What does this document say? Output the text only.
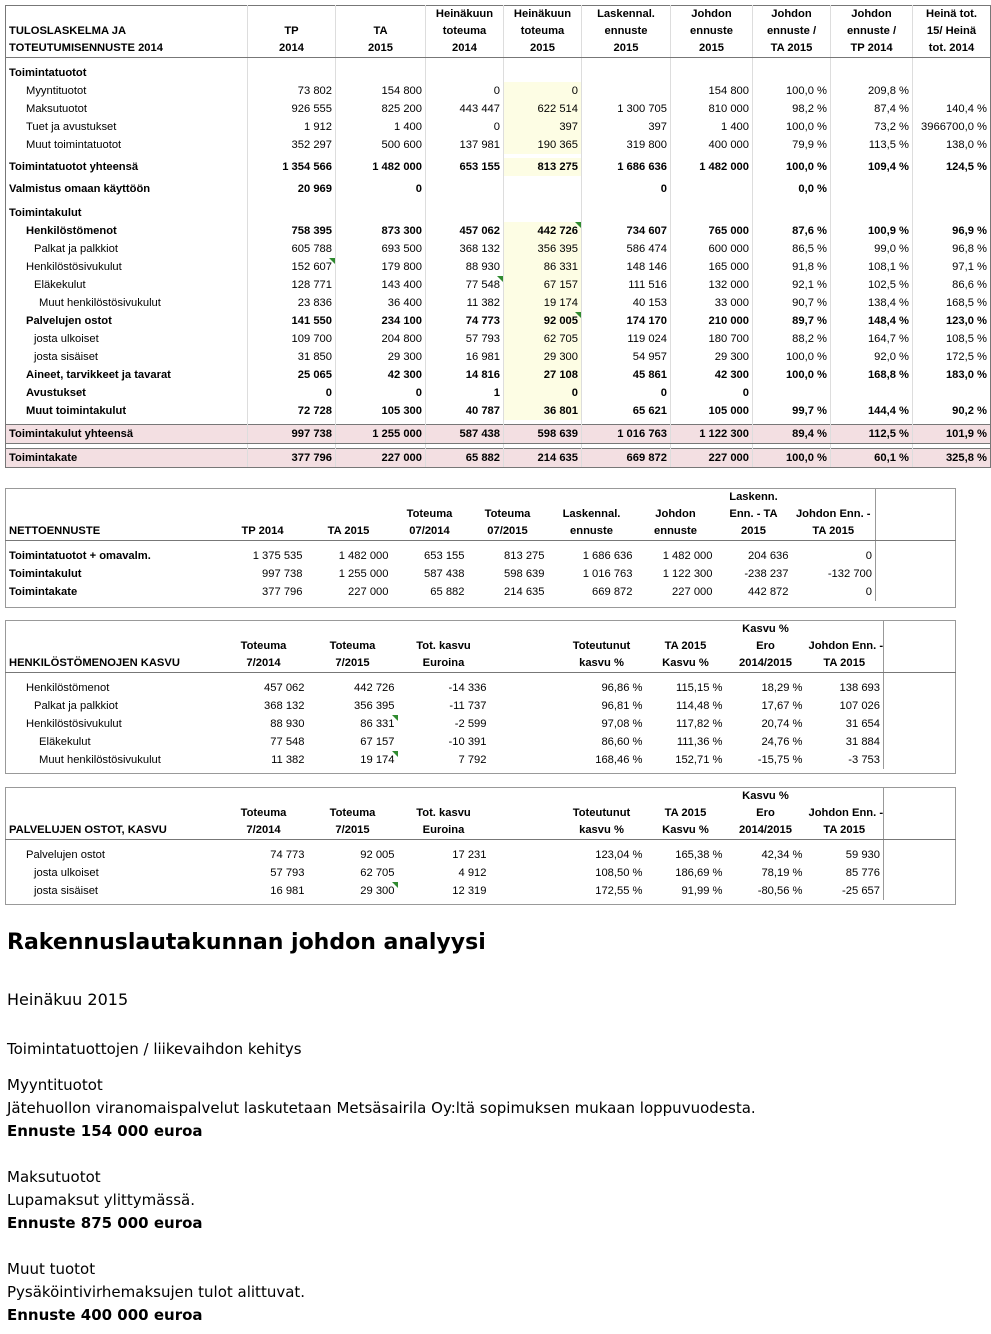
			Heinäkuun	Heinäkuun	Laskennal.	Johdon	Johdon	Johdon	Heinä tot.
TULOSLASKELMA JA	TP	TA	toteuma	toteuma	ennuste	ennuste	ennuste /	ennuste /	15/ Heinä
TOTEUTUMISENNUSTE 2014	2014	2015	2014	2015	2015	2015	TA 2015	TP 2014	tot. 2014

Toimintatuotot									
Myyntituotot	73 802	154 800	0	0		154 800	100,0 %	209,8 %	
Maksutuotot	926 555	825 200	443 447	622 514	1 300 705	810 000	98,2 %	87,4 %	140,4 %
Tuet ja avustukset	1 912	1 400	0	397	397	1 400	100,0 %	73,2 %	3966700,0 %
Muut toimintatuotot	352 297	500 600	137 981	190 365	319 800	400 000	79,9 %	113,5 %	138,0 %

Toimintatuotot yhteensä	1 354 566	1 482 000	653 155	813 275	1 686 636	1 482 000	100,0 %	109,4 %	124,5 %

Valmistus omaan käyttöön	20 969	0			0		0,0 %		

Toimintakulut									
Henkilöstömenot	758 395	873 300	457 062	442 726	734 607	765 000	87,6 %	100,9 %	96,9 %
Palkat ja palkkiot	605 788	693 500	368 132	356 395	586 474	600 000	86,5 %	99,0 %	96,8 %
Henkilöstösivukulut	152 607	179 800	88 930	86 331	148 146	165 000	91,8 %	108,1 %	97,1 %
Eläkekulut	128 771	143 400	77 548	67 157	111 516	132 000	92,1 %	102,5 %	86,6 %
Muut henkilöstösivukulut	23 836	36 400	11 382	19 174	40 153	33 000	90,7 %	138,4 %	168,5 %
Palvelujen ostot	141 550	234 100	74 773	92 005	174 170	210 000	89,7 %	148,4 %	123,0 %
josta ulkoiset	109 700	204 800	57 793	62 705	119 024	180 700	88,2 %	164,7 %	108,5 %
josta sisäiset	31 850	29 300	16 981	29 300	54 957	29 300	100,0 %	92,0 %	172,5 %
Aineet, tarvikkeet ja tavarat	25 065	42 300	14 816	27 108	45 861	42 300	100,0 %	168,8 %	183,0 %
Avustukset	0	0	1	0	0	0			
Muut toimintakulut	72 728	105 300	40 787	36 801	65 621	105 000	99,7 %	144,4 %	90,2 %

Toimintakulut yhteensä	997 738	1 255 000	587 438	598 639	1 016 763	1 122 300	89,4 %	112,5 %	101,9 %

Toimintakate	377 796	227 000	65 882	214 635	669 872	227 000	100,0 %	60,1 %	325,8 %
							Laskenn.		
			Toteuma	Toteuma	Laskennal.	Johdon	Enn. - TA	Johdon Enn. -	
NETTOENNUSTE	TP 2014	TA 2015	07/2014	07/2015	ennuste	ennuste	2015	TA 2015	

Toimintatuotot + omavalm.	1 375 535	1 482 000	653 155	813 275	1 686 636	1 482 000	204 636	0	
Toimintakulut	997 738	1 255 000	587 438	598 639	1 016 763	1 122 300	-238 237	-132 700	
Toimintakate	377 796	227 000	65 882	214 635	669 872	227 000	442 872	0	

							Kasvu %		
	Toteuma	Toteuma	Tot. kasvu		Toteutunut	TA 2015	Ero	Johdon Enn. -	
HENKILÖSTÖMENOJEN KASVU	7/2014	7/2015	Euroina		kasvu %	Kasvu %	2014/2015	TA 2015	

Henkilöstömenot	457 062	442 726	-14 336		96,86 %	115,15 %	18,29 %	138 693	
Palkat ja palkkiot	368 132	356 395	-11 737		96,81 %	114,48 %	17,67 %	107 026	
Henkilöstösivukulut	88 930	86 331	-2 599		97,08 %	117,82 %	20,74 %	31 654	
Eläkekulut	77 548	67 157	-10 391		86,60 %	111,36 %	24,76 %	31 884	
Muut henkilöstösivukulut	11 382	19 174	7 792		168,46 %	152,71 %	-15,75 %	-3 753	

							Kasvu %		
	Toteuma	Toteuma	Tot. kasvu		Toteutunut	TA 2015	Ero	Johdon Enn. -	
PALVELUJEN OSTOT, KASVU	7/2014	7/2015	Euroina		kasvu %	Kasvu %	2014/2015	TA 2015	

Palvelujen ostot	74 773	92 005	17 231		123,04 %	165,38 %	42,34 %	59 930	
josta ulkoiset	57 793	62 705	4 912		108,50 %	186,69 %	78,19 %	85 776	
josta sisäiset	16 981	29 300	12 319		172,55 %	91,99 %	-80,56 %	-25 657	

Rakennuslautakunnan johdon analyysi
Heinäkuu 2015
Toimintatuottojen / liikevaihdon kehitys
Myyntituotot
Jätehuollon viranomaispalvelut laskutetaan Metsäsairila Oy:ltä sopimuksen mukaan loppuvuodesta.
Ennuste 154 000 euroa
Maksutuotot
Lupamaksut ylittymässä.
Ennuste 875 000 euroa
Muut tuotot
Pysäköintivirhemaksujen tulot alittuvat.
Ennuste 400 000 euroa
